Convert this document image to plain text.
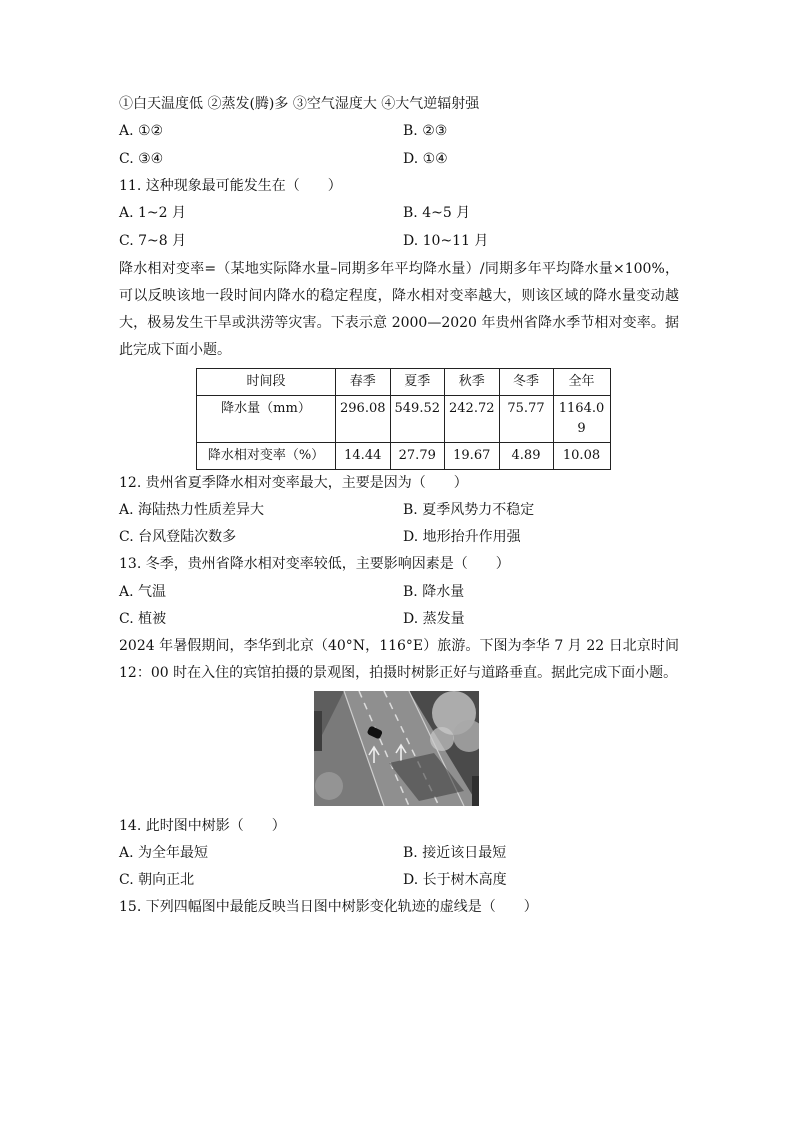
①白天温度低 ②蒸发(腾)多 ③空气湿度大 ④大气逆辐射强
A. ①②	B. ②③
C. ③④	D. ①④
11. 这种现象最可能发生在（　　）
A. 1~2 月	B. 4~5 月
C. 7~8 月	D. 10~11 月
降水相对变率=（某地实际降水量–同期多年平均降水量）/同期多年平均降水量×100%，可以反映该地一段时间内降水的稳定程度，降水相对变率越大，则该区域的降水量变动越大，极易发生干旱或洪涝等灾害。下表示意 2000—2020 年贵州省降水季节相对变率。据此完成下面小题。
时间段	春季	夏季	秋季	冬季	全年
降水量（mm）	296.08	549.52	242.72	75.77	1164.0
9
降水相对变率（%）	14.44	27.79	19.67	4.89	10.08
12. 贵州省夏季降水相对变率最大，主要是因为（　　）
A. 海陆热力性质差异大	B. 夏季风势力不稳定
C. 台风登陆次数多	D. 地形抬升作用强
13. 冬季，贵州省降水相对变率较低，主要影响因素是（　　）
A. 气温	B. 降水量
C. 植被	D. 蒸发量
2024 年暑假期间，李华到北京（40°N，116°E）旅游。下图为李华 7 月 22 日北京时间 12：00 时在入住的宾馆拍摄的景观图，拍摄时树影正好与道路垂直。据此完成下面小题。
14. 此时图中树影（　　）
A. 为全年最短	B. 接近该日最短
C. 朝向正北	D. 长于树木高度
15. 下列四幅图中最能反映当日图中树影变化轨迹的虚线是（　　）
